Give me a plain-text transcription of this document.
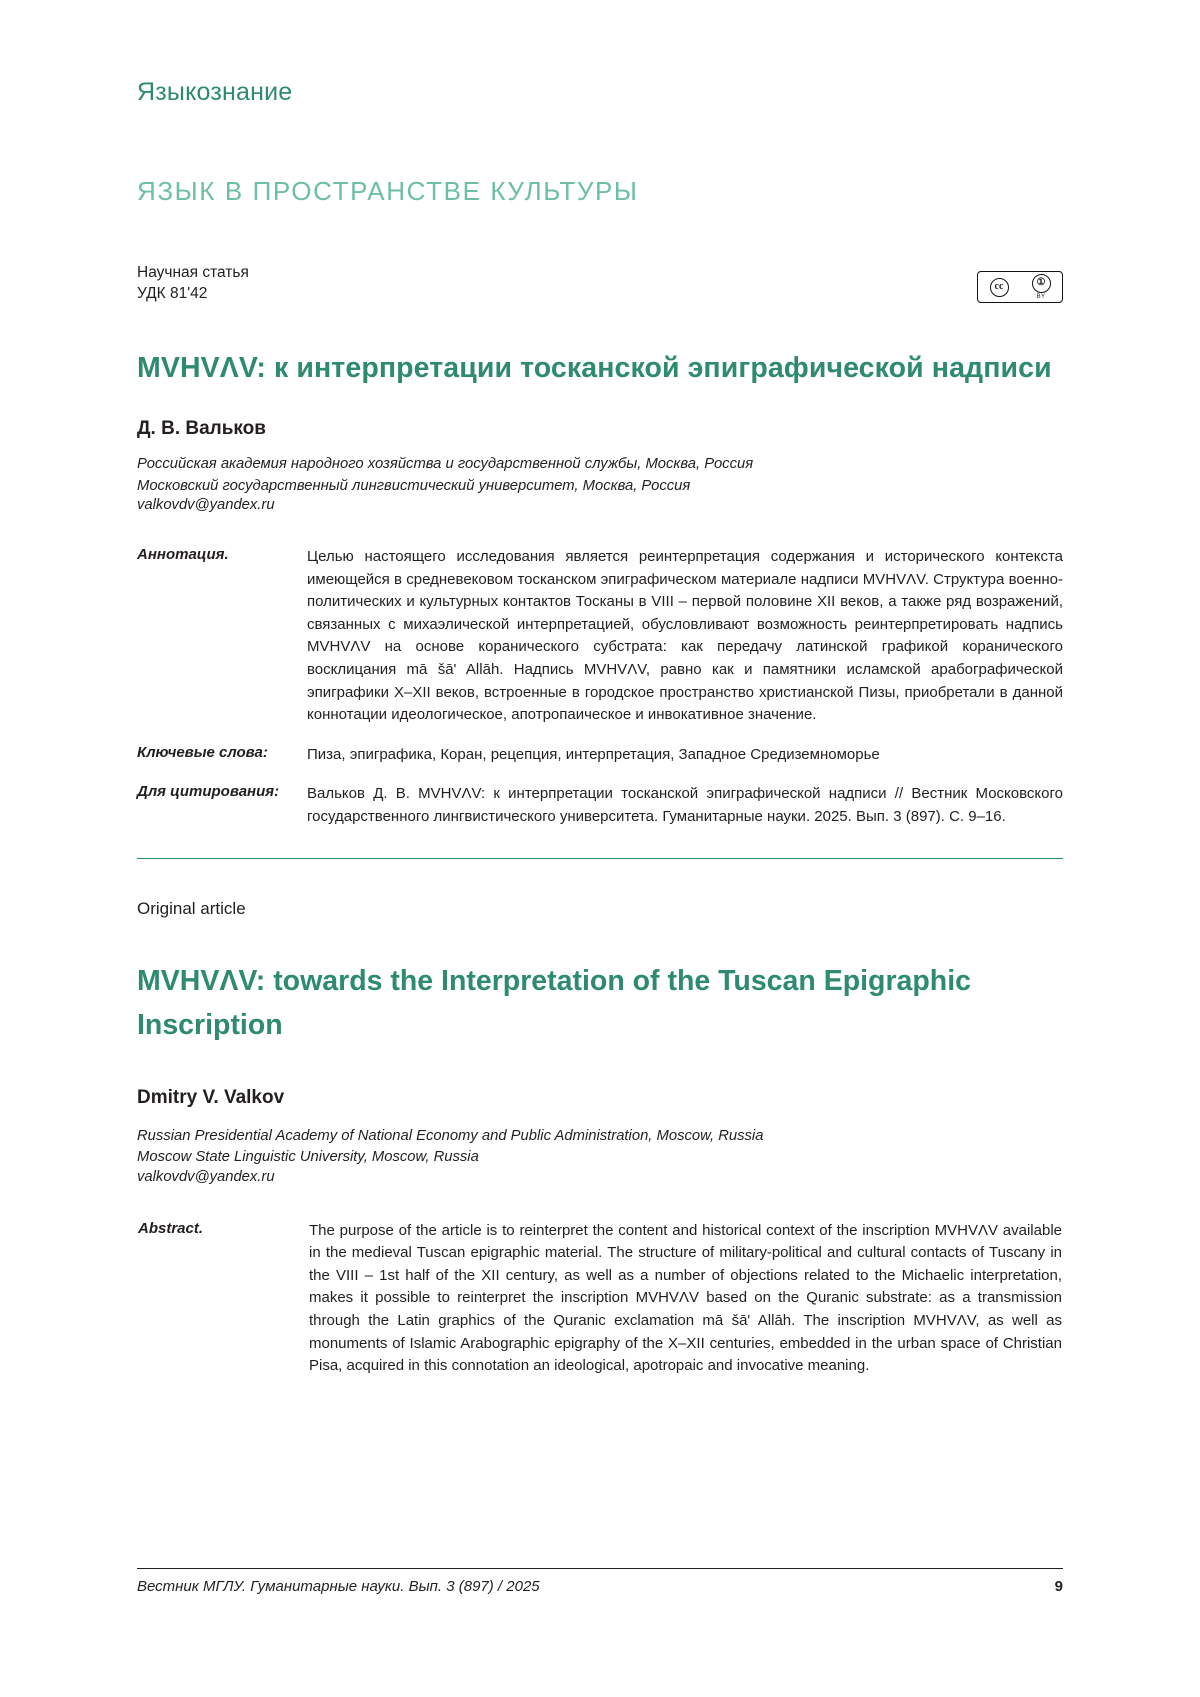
Языкознание
ЯЗЫК В ПРОСТРАНСТВЕ КУЛЬТУРЫ
Научная статья
УДК 81'42	cc	①
BY
MVHVΛV: к интерпретации тосканской эпиграфической надписи
Д. В. Вальков
Российская академия народного хозяйства и государственной службы, Москва, Россия
Московский государственный лингвистический университет, Москва, Россия
valkovdv@yandex.ru
Аннотация.	Целью настоящего исследования является реинтерпретация содержания и исторического контекста имеющейся в средневековом тосканском эпиграфическом материале надписи MVHVΛV. Структура военно-политических и культурных контактов Тосканы в VIII – первой половине XII веков, а также ряд возражений, связанных с михаэлической интерпретацией, обусловливают возможность реинтерпретировать надпись MVHVΛV на основе коранического субстрата: как передачу латинской графикой коранического восклицания mā šā' Allāh. Надпись MVHVΛV, равно как и памятники исламской арабографической эпиграфики X–XII веков, встроенные в городское пространство христианской Пизы, приобретали в данной коннотации идеологическое, апотропаическое и инвокативное значение.
Ключевые слова:	Пиза, эпиграфика, Коран, рецепция, интерпретация, Западное Средиземноморье
Для цитирования:	Вальков Д. В. MVHVΛV: к интерпретации тосканской эпиграфической надписи // Вестник Московского государственного лингвистического университета. Гуманитарные науки. 2025. Вып. 3 (897). С. 9–16.
Original article
MVHVΛV: towards the Interpretation of the Tuscan Epigraphic Inscription
Dmitry V. Valkov
Russian Presidential Academy of National Economy and Public Administration, Moscow, Russia
Moscow State Linguistic University, Moscow, Russia
valkovdv@yandex.ru
Abstract.	The purpose of the article is to reinterpret the content and historical context of the inscription MVHVΛV available in the medieval Tuscan epigraphic material. The structure of military-political and cultural contacts of Tuscany in the VIII – 1st half of the XII century, as well as a number of objections related to the Michaelic interpretation, makes it possible to reinterpret the inscription MVHVΛV based on the Quranic substrate: as a transmission through the Latin graphics of the Quranic exclamation mā šā' Allāh. The inscription MVHVΛV, as well as monuments of Islamic Arabographic epigraphy of the X–XII centuries, embedded in the urban space of Christian Pisa, acquired in this connotation an ideological, apotropaic and invocative meaning.
Вестник МГЛУ. Гуманитарные науки. Вып. 3 (897) / 2025	9
